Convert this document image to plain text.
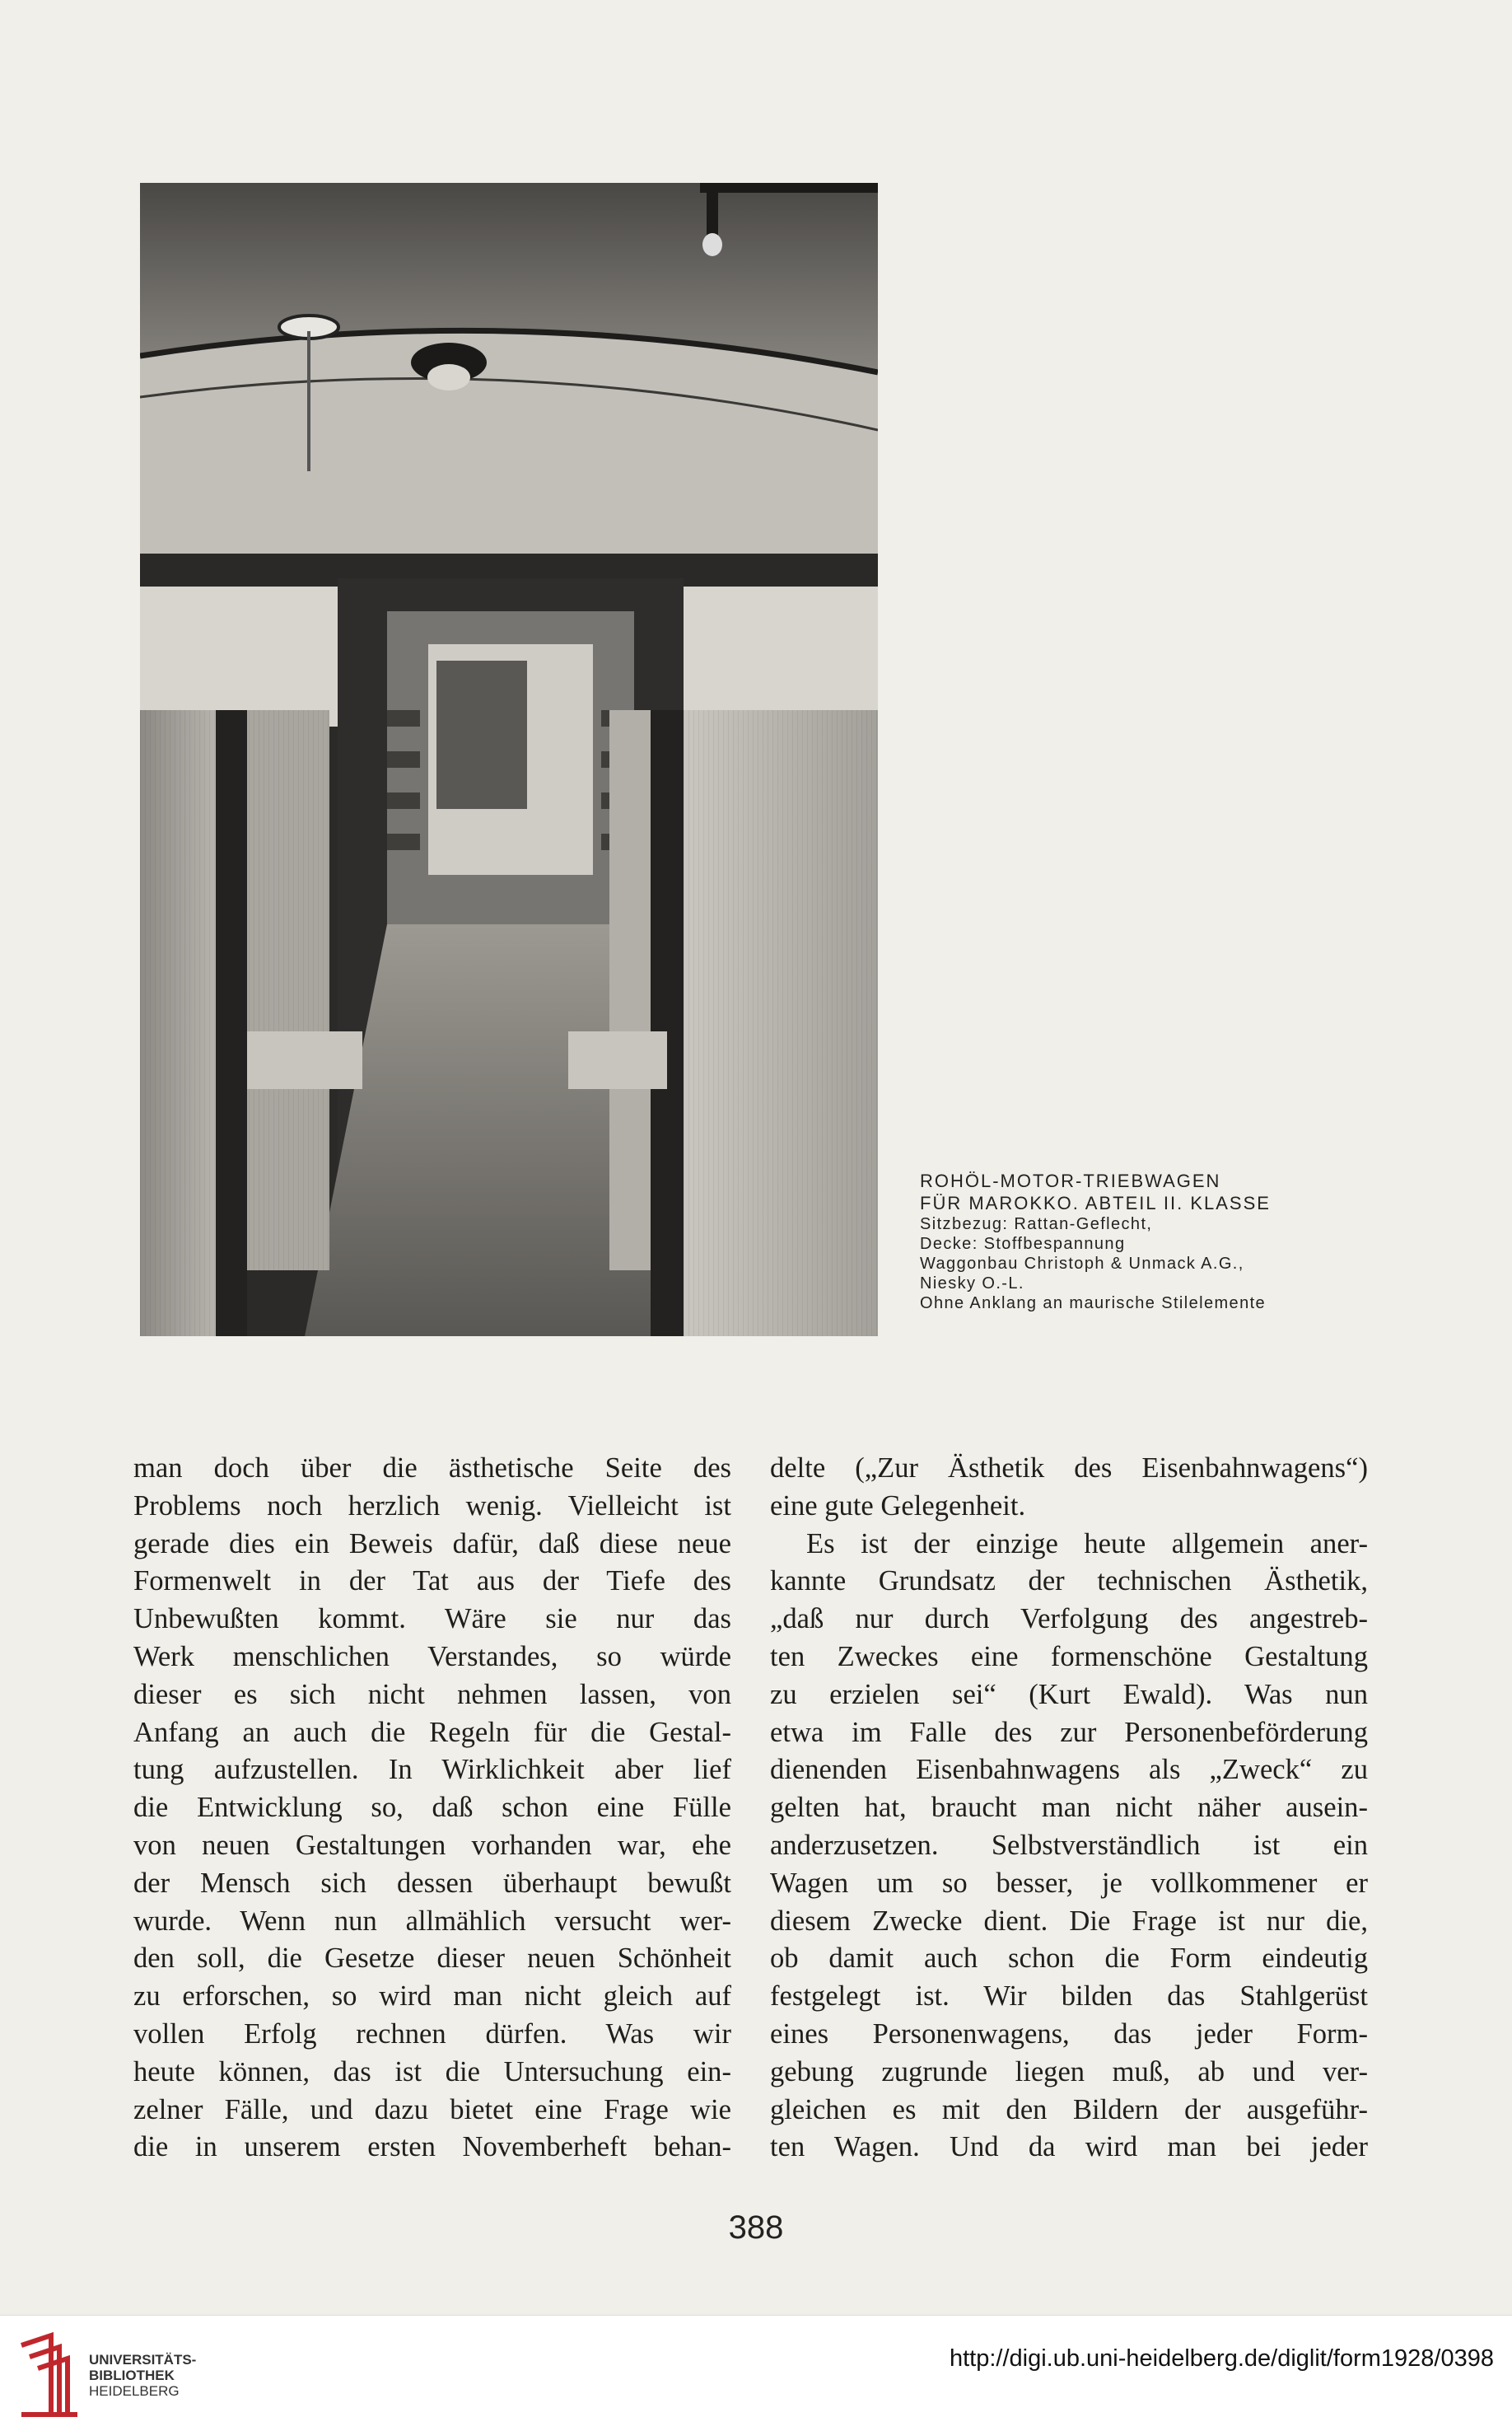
ROHÖL-MOTOR-TRIEBWAGEN
FÜR MAROKKO. ABTEIL II. KLASSE
Sitzbezug: Rattan-Geflecht,
Decke: Stoffbespannung
Waggonbau Christoph & Unmack A.G.,
Niesky O.-L.
Ohne Anklang an maurische Stilelemente
man doch über die ästhetische Seite des
Problems noch herzlich wenig. Vielleicht ist
gerade dies ein Beweis dafür, daß diese neue
Formenwelt in der Tat aus der Tiefe des
Unbewußten kommt. Wäre sie nur das
Werk menschlichen Verstandes, so würde
dieser es sich nicht nehmen lassen, von
Anfang an auch die Regeln für die Gestal-
tung aufzustellen. In Wirklichkeit aber lief
die Entwicklung so, daß schon eine Fülle
von neuen Gestaltungen vorhanden war, ehe
der Mensch sich dessen überhaupt bewußt
wurde. Wenn nun allmählich versucht wer-
den soll, die Gesetze dieser neuen Schönheit
zu erforschen, so wird man nicht gleich auf
vollen Erfolg rechnen dürfen. Was wir
heute können, das ist die Untersuchung ein-
zelner Fälle, und dazu bietet eine Frage wie
die in unserem ersten Novemberheft behan-
delte („Zur Ästhetik des Eisenbahnwagens“)
eine gute Gelegenheit.
Es ist der einzige heute allgemein aner-
kannte Grundsatz der technischen Ästhetik,
„daß nur durch Verfolgung des angestreb-
ten Zweckes eine formenschöne Gestaltung
zu erzielen sei“ (Kurt Ewald). Was nun
etwa im Falle des zur Personenbeförderung
dienenden Eisenbahnwagens als „Zweck“ zu
gelten hat, braucht man nicht näher ausein-
anderzusetzen. Selbstverständlich ist ein
Wagen um so besser, je vollkommener er
diesem Zwecke dient. Die Frage ist nur die,
ob damit auch schon die Form eindeutig
festgelegt ist. Wir bilden das Stahlgerüst
eines Personenwagens, das jeder Form-
gebung zugrunde liegen muß, ab und ver-
gleichen es mit den Bildern der ausgeführ-
ten Wagen. Und da wird man bei jeder
388
UNIVERSITÄTS-
BIBLIOTHEK
HEIDELBERG
http://digi.ub.uni-heidelberg.de/diglit/form1928/0398
